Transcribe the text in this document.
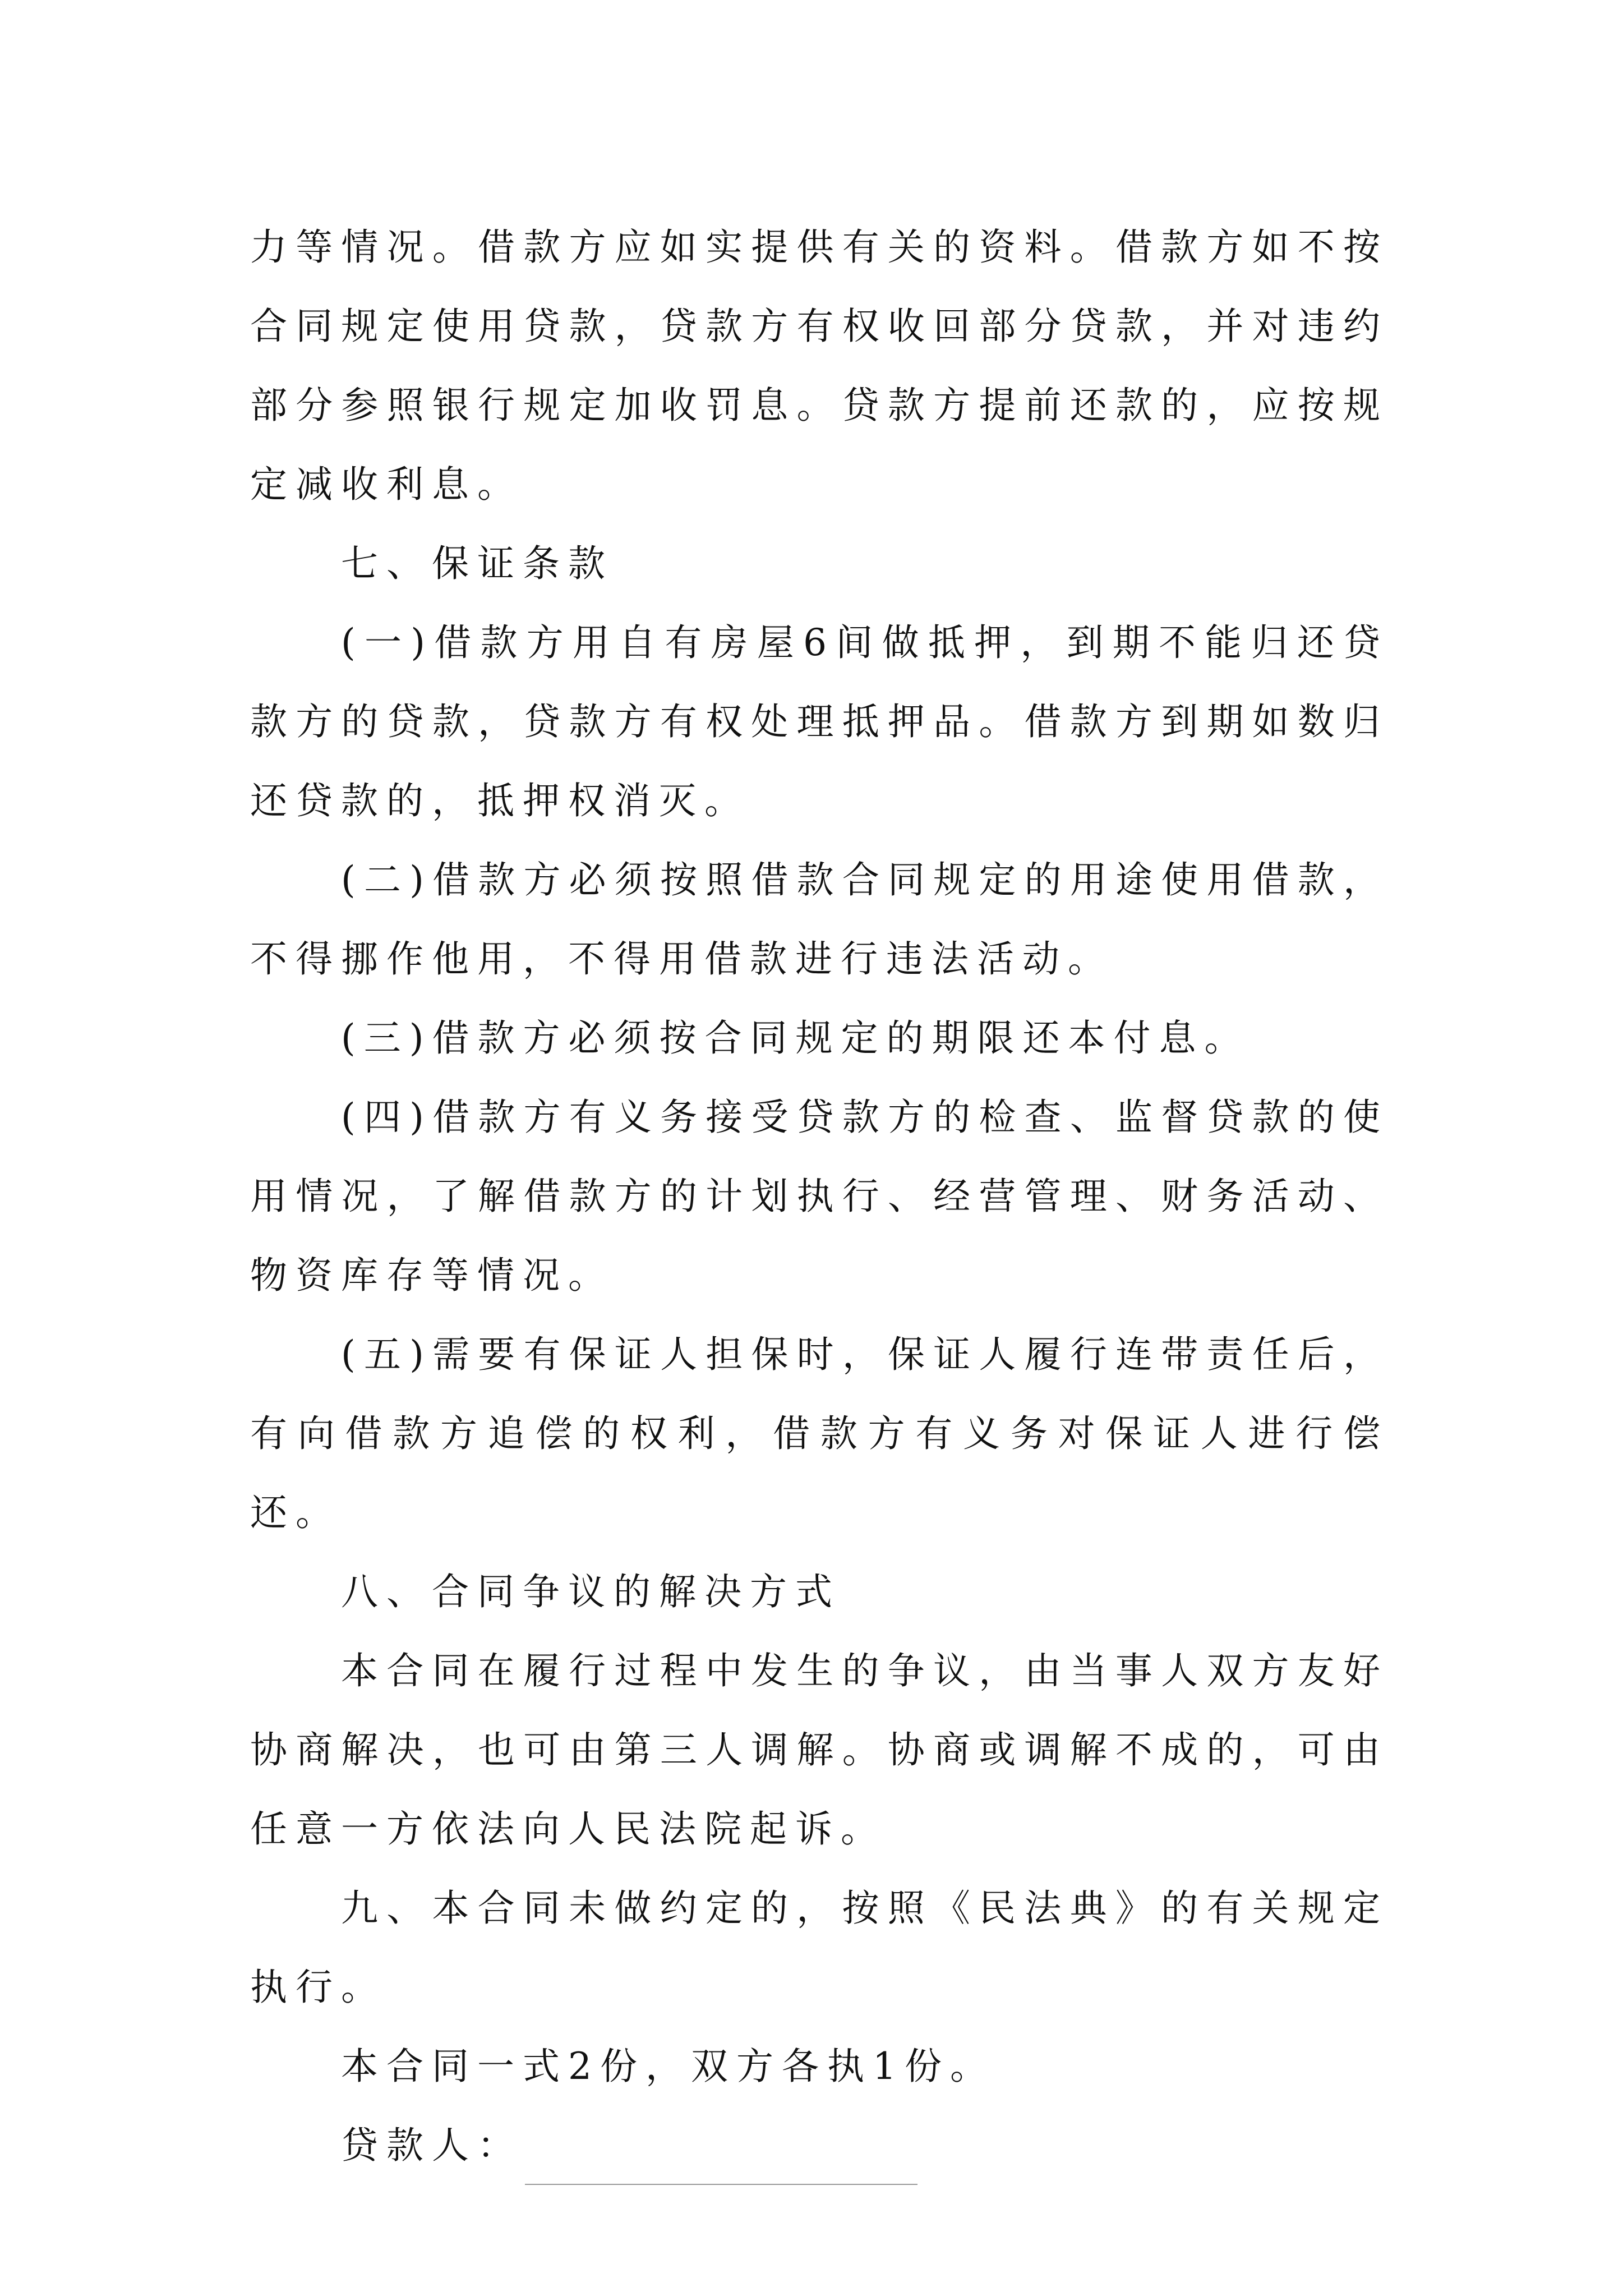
力等情况。借款方应如实提供有关的资料。借款方如不按合同规定使用贷款，贷款方有权收回部分贷款，并对违约部分参照银行规定加收罚息。贷款方提前还款的，应按规定减收利息。

七、保证条款

(一)借款方用自有房屋6间做抵押，到期不能归还贷款方的贷款，贷款方有权处理抵押品。借款方到期如数归还贷款的，抵押权消灭。

(二)借款方必须按照借款合同规定的用途使用借款，不得挪作他用，不得用借款进行违法活动。

(三)借款方必须按合同规定的期限还本付息。

(四)借款方有义务接受贷款方的检查、监督贷款的使用情况，了解借款方的计划执行、经营管理、财务活动、物资库存等情况。

(五)需要有保证人担保时，保证人履行连带责任后，有向借款方追偿的权利，借款方有义务对保证人进行偿还。

八、合同争议的解决方式

本合同在履行过程中发生的争议，由当事人双方友好协商解决，也可由第三人调解。协商或调解不成的，可由任意一方依法向人民法院起诉。

九、本合同未做约定的，按照《民法典》的有关规定执行。

本合同一式2份，双方各执1份。

贷款人：
